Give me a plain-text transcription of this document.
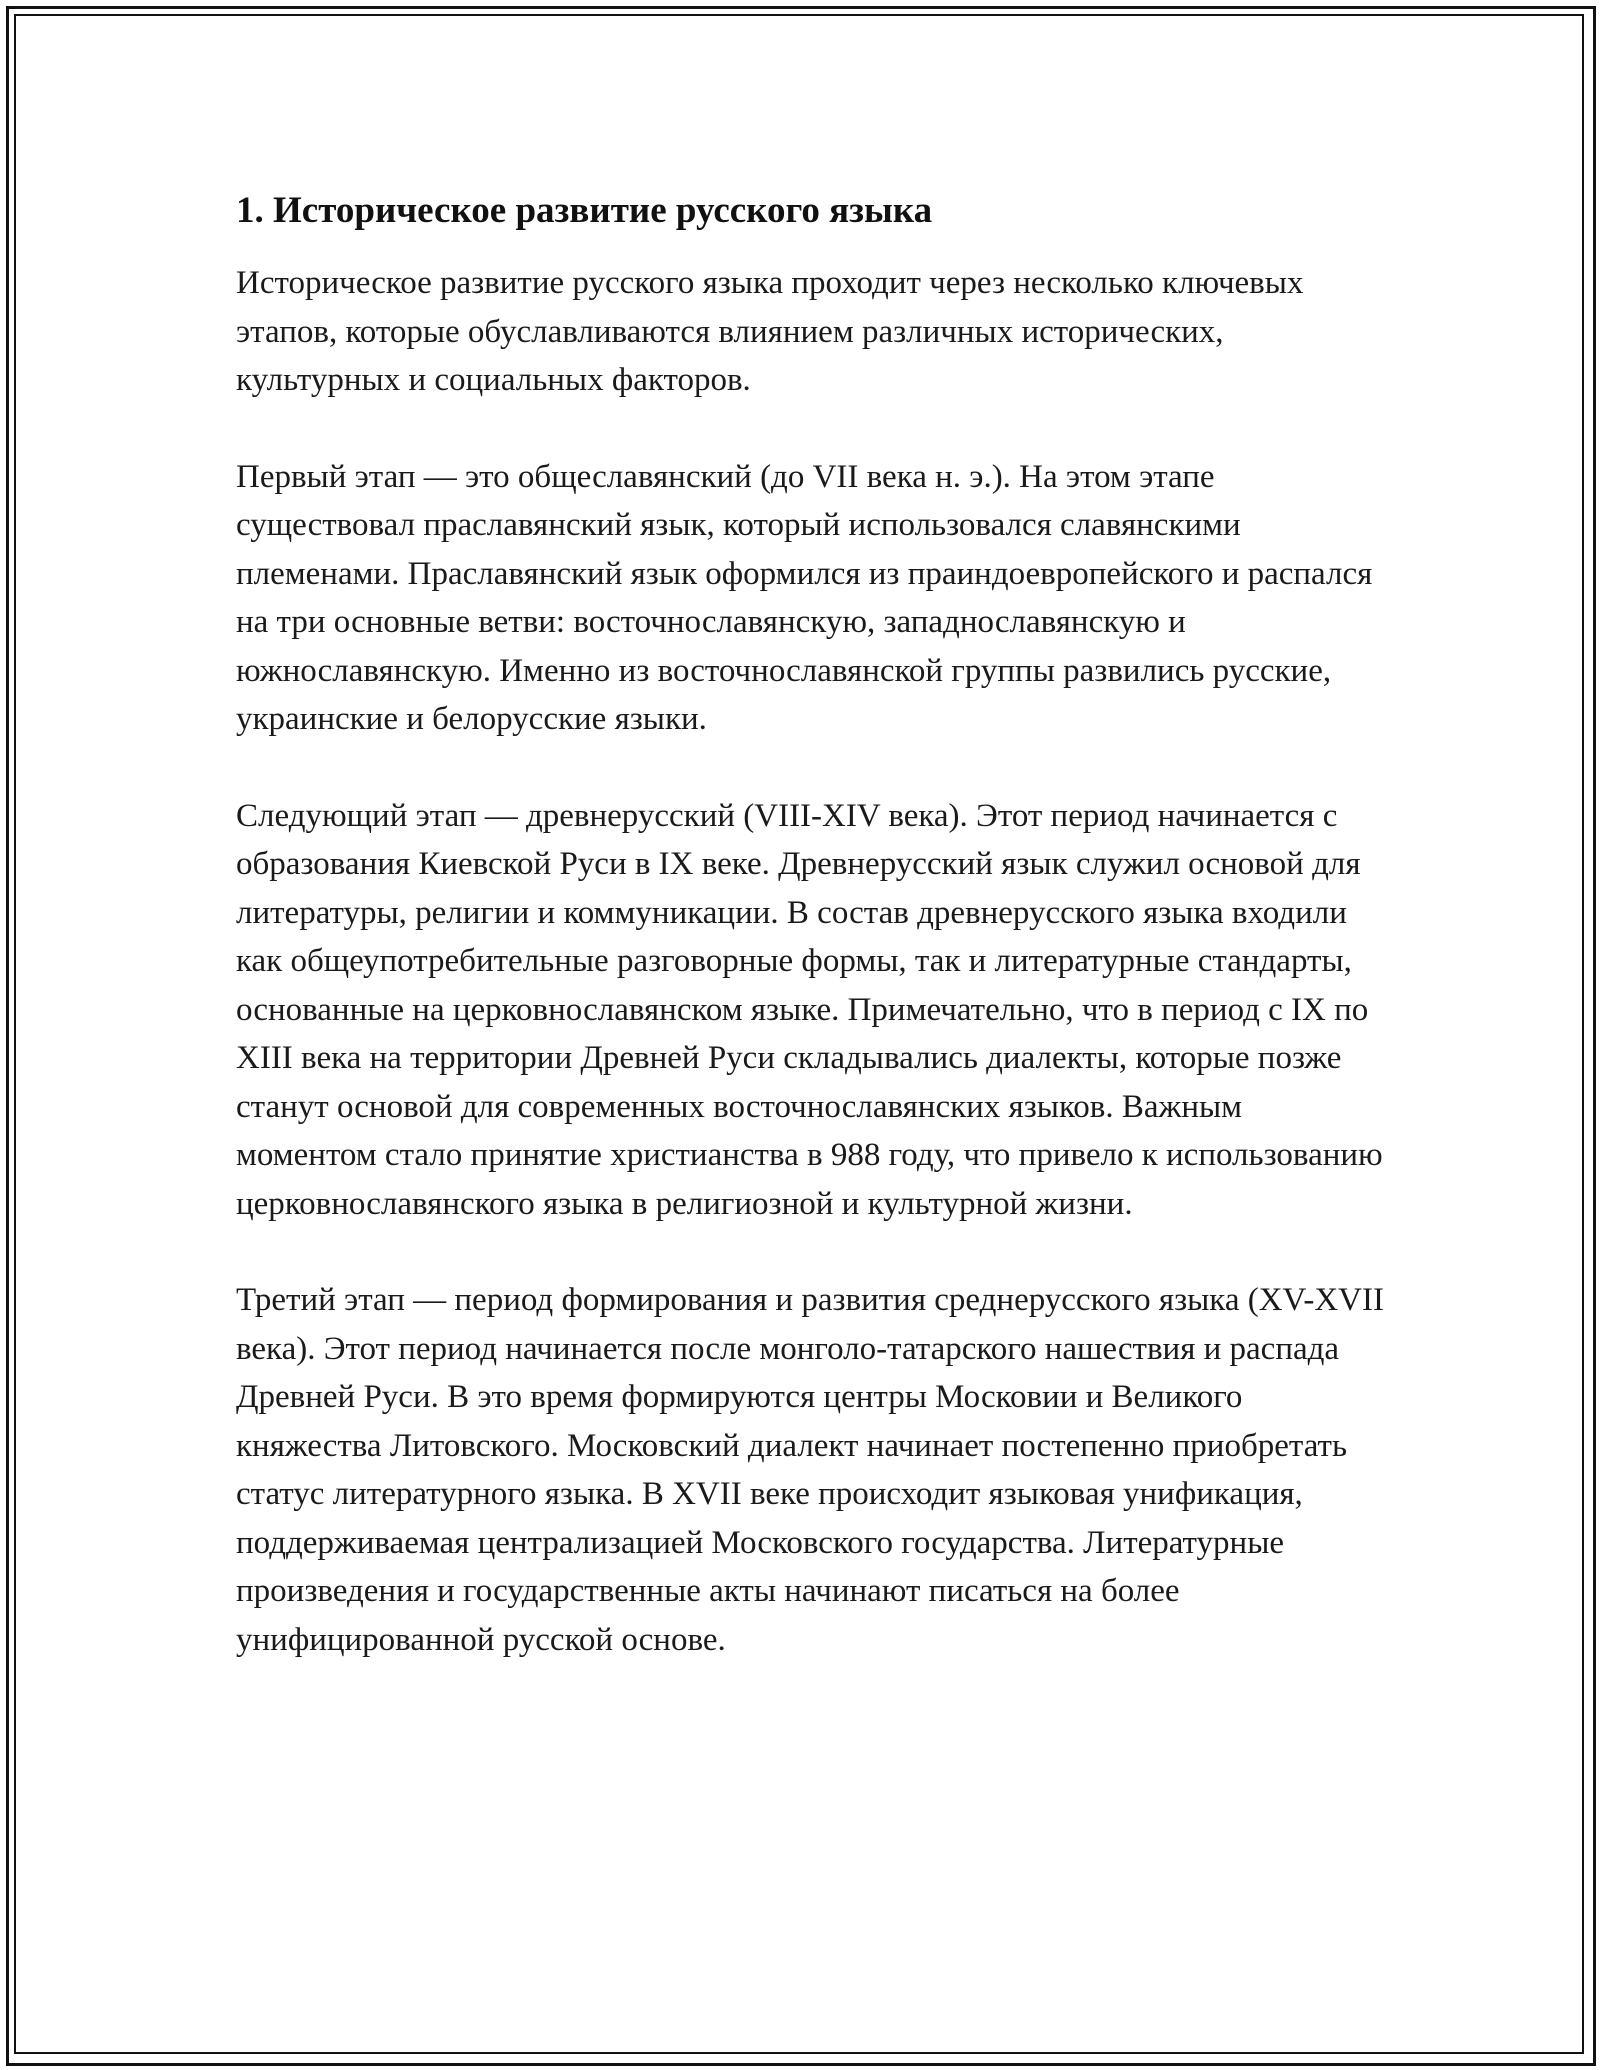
1. Историческое развитие русского языка

Историческое развитие русского языка проходит через несколько ключевых этапов, которые обуславливаются влиянием различных исторических, культурных и социальных факторов.

Первый этап — это общеславянский (до VII века н. э.). На этом этапе существовал праславянский язык, который использовался славянскими племенами. Праславянский язык оформился из праиндоевропейского и распался на три основные ветви: восточнославянскую, западнославянскую и южнославянскую. Именно из восточнославянской группы развились русские, украинские и белорусские языки.

Следующий этап — древнерусский (VIII-XIV века). Этот период начинается с образования Киевской Руси в IX веке. Древнерусский язык служил основой для литературы, религии и коммуникации. В состав древнерусского языка входили как общеупотребительные разговорные формы, так и литературные стандарты, основанные на церковнославянском языке. Примечательно, что в период с IX по XIII века на территории Древней Руси складывались диалекты, которые позже станут основой для современных восточнославянских языков. Важным моментом стало принятие христианства в 988 году, что привело к использованию церковнославянского языка в религиозной и культурной жизни.

Третий этап — период формирования и развития среднерусского языка (XV-XVII века). Этот период начинается после монголо-татарского нашествия и распада Древней Руси. В это время формируются центры Московии и Великого княжества Литовского. Московский диалект начинает постепенно приобретать статус литературного языка. В XVII веке происходит языковая унификация, поддерживаемая централизацией Московского государства. Литературные произведения и государственные акты начинают писаться на более унифицированной русской основе.
